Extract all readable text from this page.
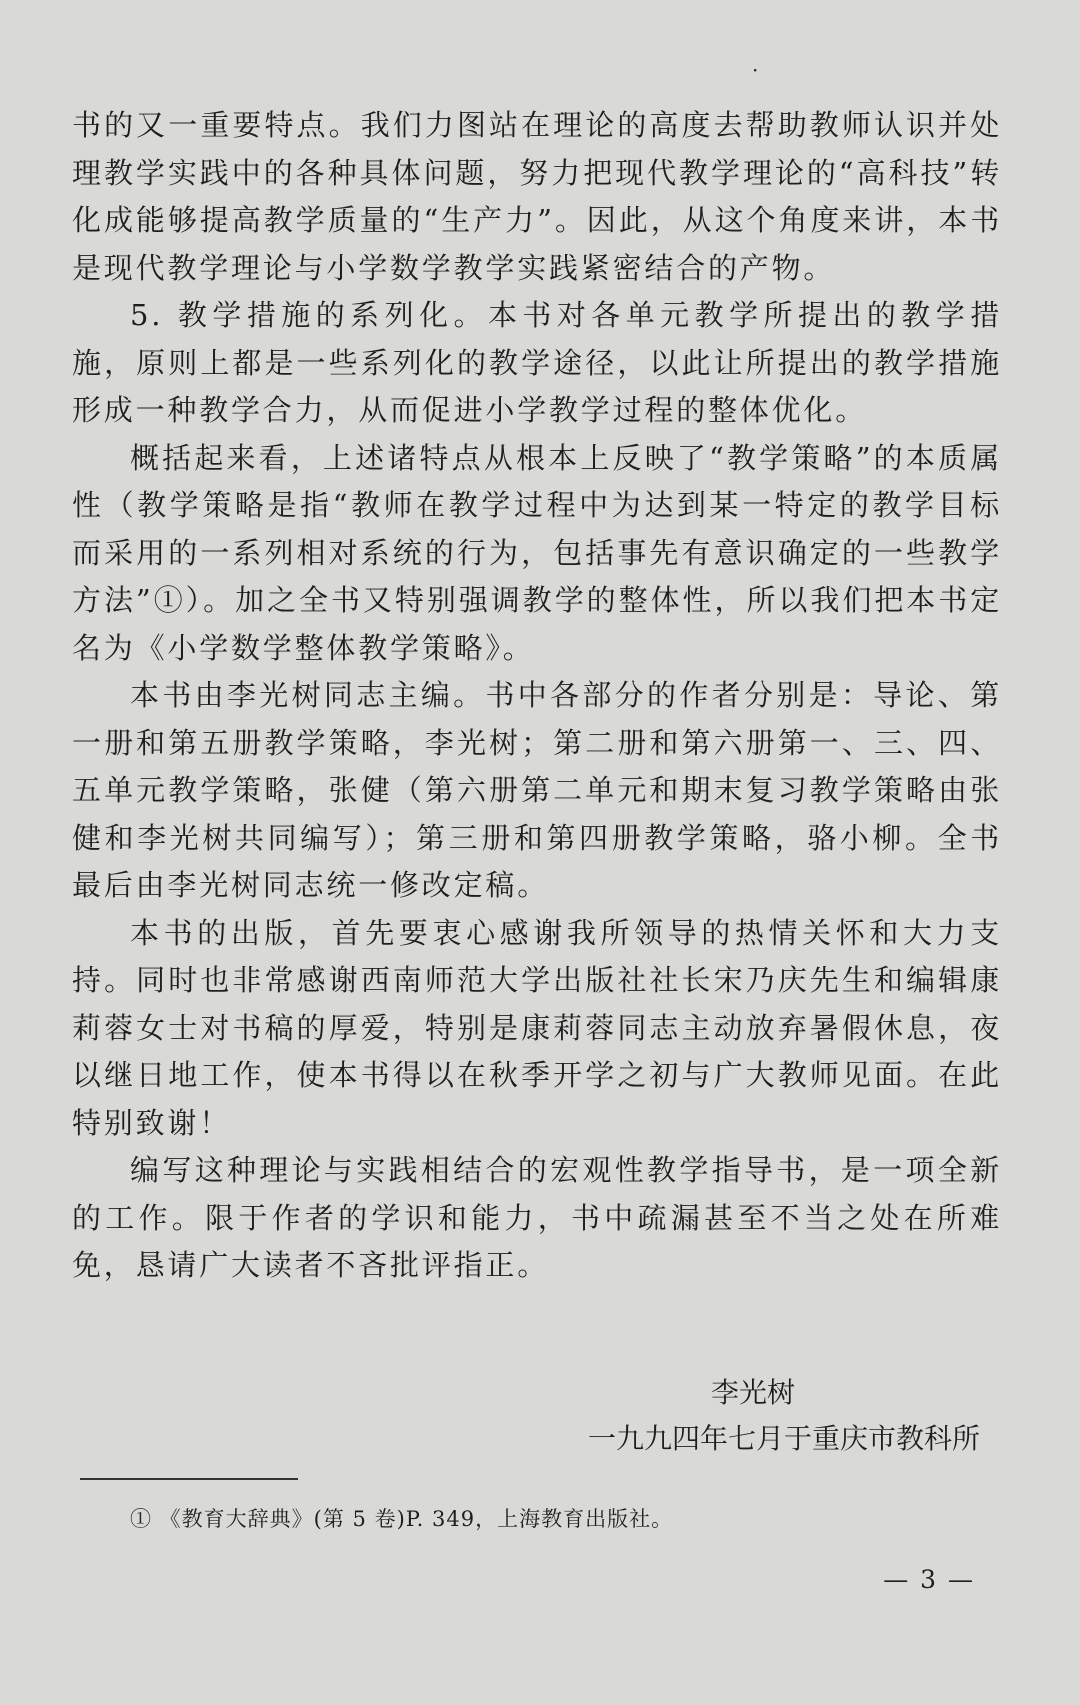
·

书的又一重要特点。我们力图站在理论的高度去帮助教师认识并处理教学实践中的各种具体问题，努力把现代教学理论的“高科技”转化成能够提高教学质量的“生产力”。因此，从这个角度来讲，本书是现代教学理论与小学数学教学实践紧密结合的产物。

5. 教学措施的系列化。本书对各单元教学所提出的教学措施，原则上都是一些系列化的教学途径，以此让所提出的教学措施形成一种教学合力，从而促进小学教学过程的整体优化。

概括起来看，上述诸特点从根本上反映了“教学策略”的本质属性（教学策略是指“教师在教学过程中为达到某一特定的教学目标而采用的一系列相对系统的行为，包括事先有意识确定的一些教学方法”①）。加之全书又特别强调教学的整体性，所以我们把本书定名为《小学数学整体教学策略》。

本书由李光树同志主编。书中各部分的作者分别是：导论、第一册和第五册教学策略，李光树；第二册和第六册第一、三、四、五单元教学策略，张健（第六册第二单元和期末复习教学策略由张健和李光树共同编写）；第三册和第四册教学策略，骆小柳。全书最后由李光树同志统一修改定稿。

本书的出版，首先要衷心感谢我所领导的热情关怀和大力支持。同时也非常感谢西南师范大学出版社社长宋乃庆先生和编辑康莉蓉女士对书稿的厚爱，特别是康莉蓉同志主动放弃暑假休息，夜以继日地工作，使本书得以在秋季开学之初与广大教师见面。在此特别致谢！

编写这种理论与实践相结合的宏观性教学指导书，是一项全新的工作。限于作者的学识和能力，书中疏漏甚至不当之处在所难免，恳请广大读者不吝批评指正。

李光树
一九九四年七月于重庆市教科所
① 《教育大辞典》(第 5 卷)P. 349，上海教育出版社。
— 3 —
